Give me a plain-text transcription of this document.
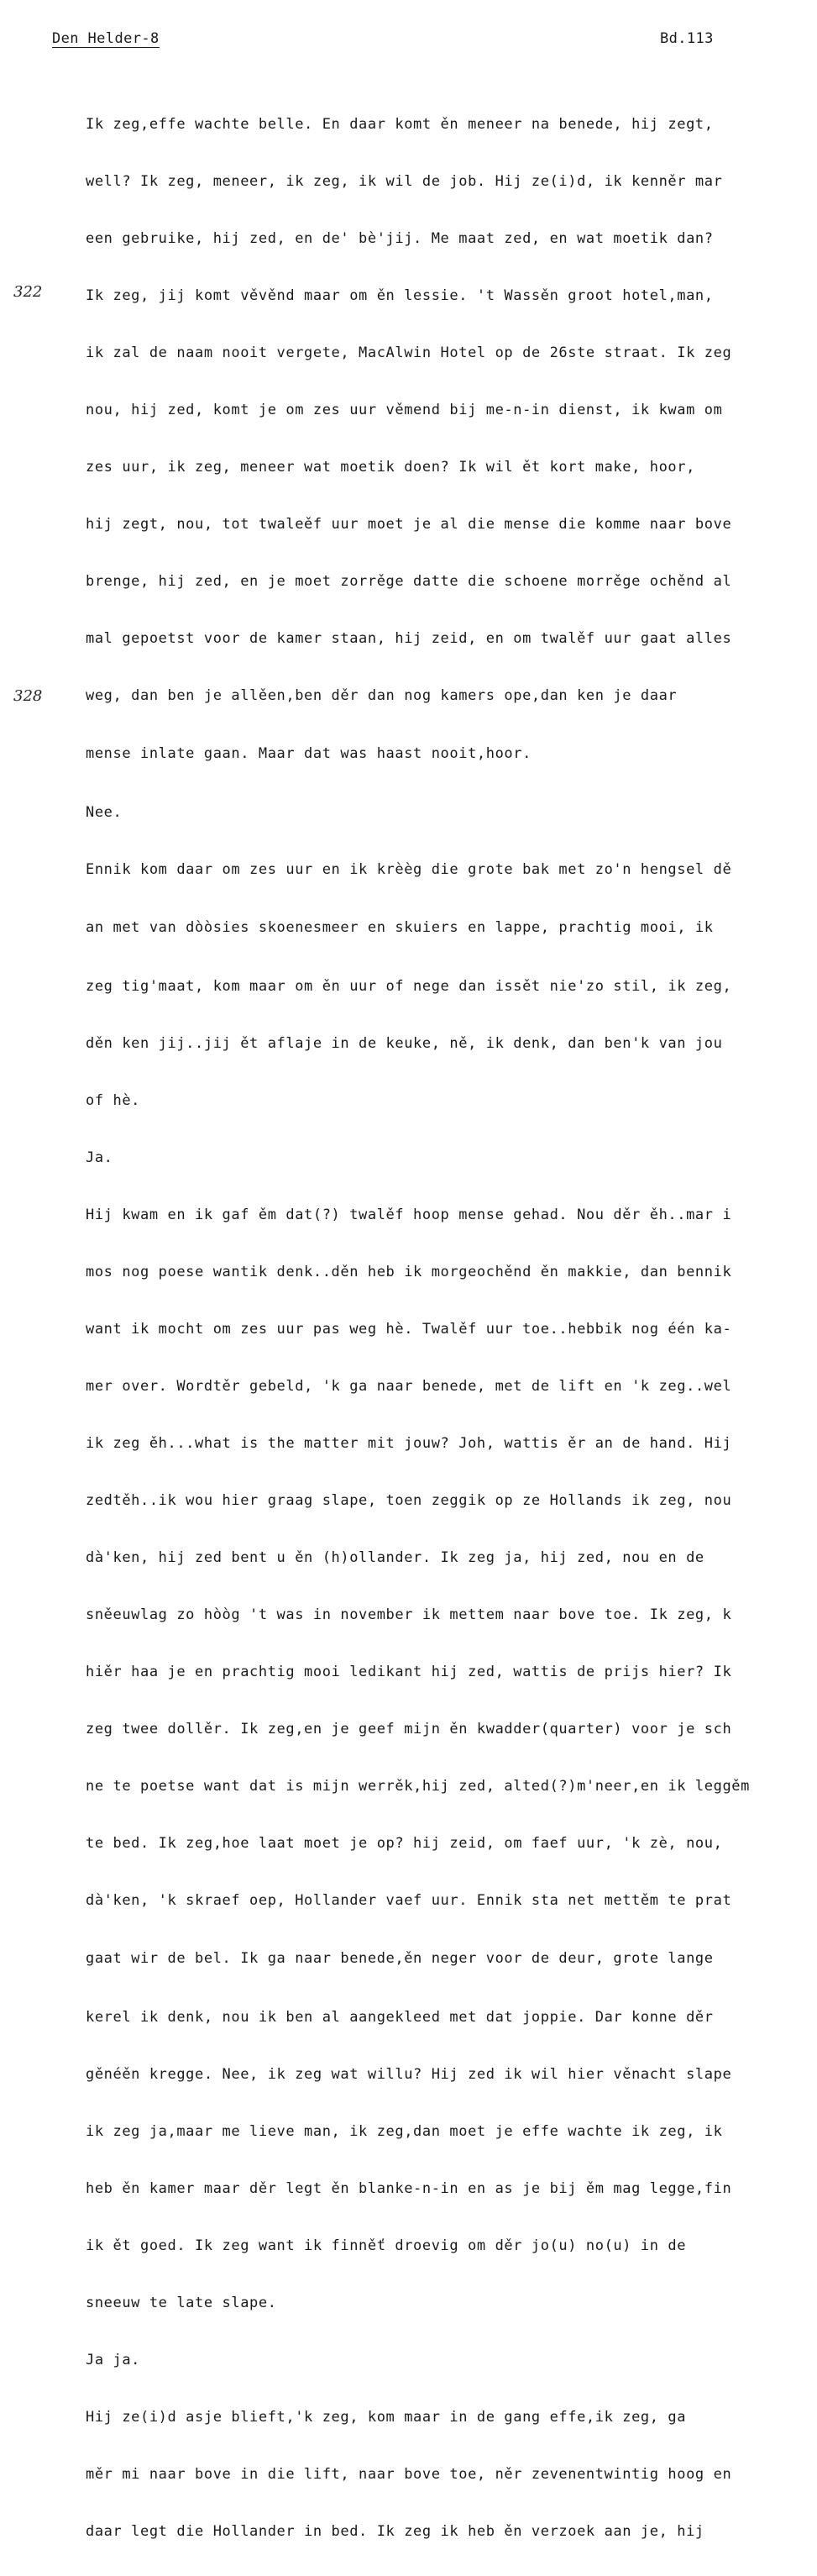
Den Helder-8	Bd.113
322
328

Ik zeg,effe wachte belle. En daar komt ěn meneer na benede, hij zegt,

well? Ik zeg, meneer, ik zeg, ik wil de job. Hij ze(i)d, ik kenněr mar

een gebruike, hij zed, en de' bè'jij. Me maat zed, en wat moetik dan?

Ik zeg, jij komt věvěnd maar om ěn lessie. 't Wassěn groot hotel,man,

ik zal de naam nooit vergete, MacAlwin Hotel op de 26ste straat. Ik zeg

nou, hij zed, komt je om zes uur věmend bij me-n-in dienst, ik kwam om

zes uur, ik zeg, meneer wat moetik doen? Ik wil ět kort make, hoor,

hij zegt, nou, tot twaleěf uur moet je al die mense die komme naar bove

brenge, hij zed, en je moet zorrěge datte die schoene morrěge ochěnd al

mal gepoetst voor de kamer staan, hij zeid, en om twalěf uur gaat alles

weg, dan ben je allěen,ben děr dan nog kamers ope,dan ken je daar

mense inlate gaan. Maar dat was haast nooit,hoor.

Nee.

Ennik kom daar om zes uur en ik krèèg die grote bak met zo'n hengsel dě

an met van dòòsies skoenesmeer en skuiers en lappe, prachtig mooi, ik

zeg tig'maat, kom maar om ěn uur of nege dan issět nie'zo stil, ik zeg,

děn ken jij..jij ět aflaje in de keuke, ně, ik denk, dan ben'k van jou

of hè.

Ja.

Hij kwam en ik gaf ěm dat(?) twalěf hoop mense gehad. Nou děr ěh..mar i

mos nog poese wantik denk..děn heb ik morgeochěnd ěn makkie, dan bennik

want ik mocht om zes uur pas weg hè. Twalěf uur toe..hebbik nog één ka-

mer over. Wordtěr gebeld, 'k ga naar benede, met de lift en 'k zeg..wel

ik zeg ěh...what is the matter mit jouw? Joh, wattis ěr an de hand. Hij

zedtěh..ik wou hier graag slape, toen zeggik op ze Hollands ik zeg, nou

dà'ken, hij zed bent u ěn (h)ollander. Ik zeg ja, hij zed, nou en de

sněeuwlag zo hòòg 't was in november ik mettem naar bove toe. Ik zeg, k

hiěr haa je en prachtig mooi ledikant hij zed, wattis de prijs hier? Ik

zeg twee dollěr. Ik zeg,en je geef mijn ěn kwadder(quarter) voor je sch

ne te poetse want dat is mijn werrěk,hij zed, alted(?)m'neer,en ik leggěm

te bed. Ik zeg,hoe laat moet je op? hij zeid, om faef uur, 'k zè, nou,

dà'ken, 'k skraef oep, Hollander vaef uur. Ennik sta net mettěm te prat

gaat wir de bel. Ik ga naar benede,ěn neger voor de deur, grote lange

kerel ik denk, nou ik ben al aangekleed met dat joppie. Dar konne děr

gěnéěn kregge. Nee, ik zeg wat willu? Hij zed ik wil hier věnacht slape

ik zeg ja,maar me lieve man, ik zeg,dan moet je effe wachte ik zeg, ik

heb ěn kamer maar děr legt ěn blanke-n-in en as je bij ěm mag legge,fin

ik ět goed. Ik zeg want ik finněť droevig om děr jo(u) no(u) in de

sneeuw te late slape.

Ja ja.

Hij ze(i)d asje blieft,'k zeg, kom maar in de gang effe,ik zeg, ga

měr mi naar bove in die lift, naar bove toe, něr zevenentwintig hoog en

daar legt die Hollander in bed. Ik zeg ik heb ěn verzoek aan je, hij
